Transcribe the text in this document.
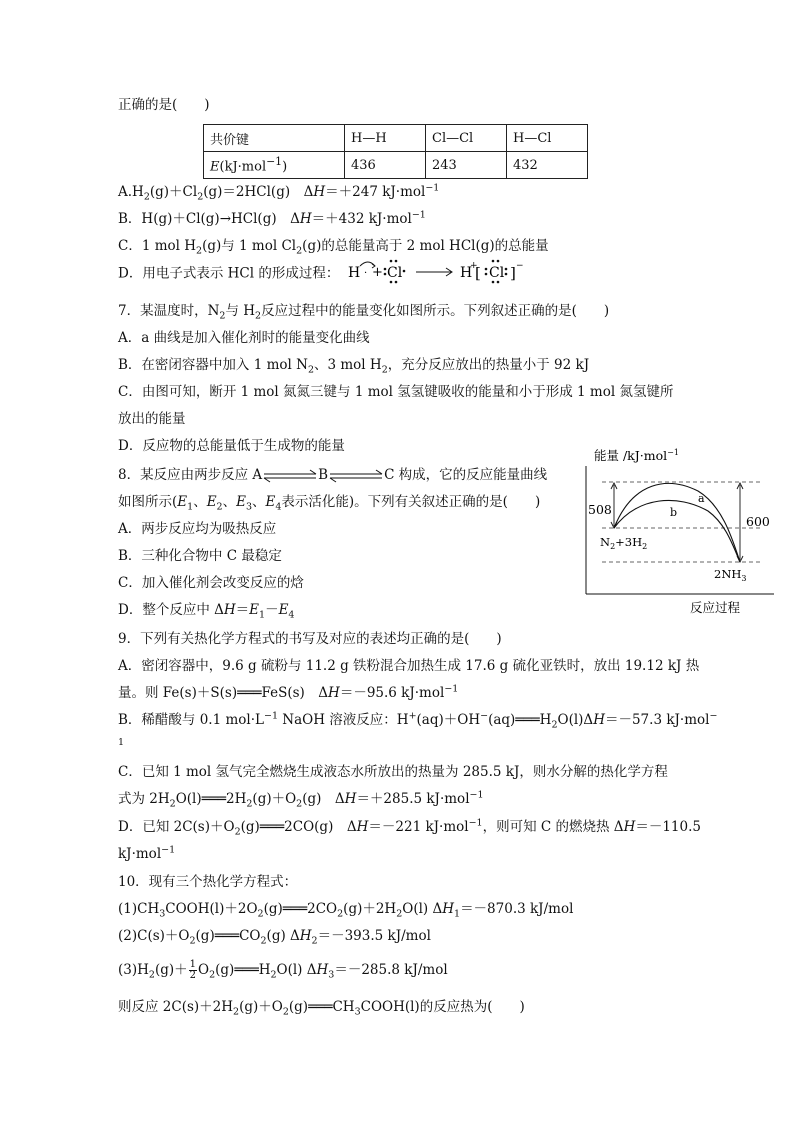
正确的是(　　)
共价键	H—H	Cl—Cl	H—Cl
E(kJ·mol$^{-1}$)	436	243	432
$A.H_2(g)+Cl_2(g)=2HCl(g)$　ΔH＝＋247 kJ·mol$^{-1}$
B．H(g)＋Cl(g)→HCl(g)　ΔH＝＋432 kJ·mol$^{-1}$
C．1 mol $H_2(g)$与 1 mol $Cl_2(g)$的总能量高于 2 mol HCl(g)的总能量
D．用电子式表示 HCl 的形成过程： H · + Cl	H
+
[ Cl ] −
7．某温度时，$N_2$与 $H_2$反应过程中的能量变化如图所示。下列叙述正确的是(　　)
A．a 曲线是加入催化剂时的能量变化曲线
B．在密闭容器中加入 1 mol $N_2$、3 mol $H_2$，充分反应放出的热量小于 92 kJ
C．由图可知，断开 1 mol 氮氮三键与 1 mol 氢氢键吸收的能量和小于形成 1 mol 氮氢键所
放出的能量
D．反应物的总能量低于生成物的能量
8．某反应由两步反应 A	B	C 构成，它的反应能量曲线
如图所示($E_1$、$E_2$、$E_3$、$E_4$表示活化能)。下列有关叙述正确的是(　　)
A．两步反应均为吸热反应
B．三种化合物中 C 最稳定
C．加入催化剂会改变反应的焓
D．整个反应中 $\Delta H=E_1-E_4$
能量 /kJ·mol$^{-1}$
508
600
a
b
$N_2+3H_2$
$2NH_3$
反应过程
9．下列有关热化学方程式的书写及对应的表述均正确的是(　　)
A．密闭容器中，9.6 g 硫粉与 11.2 g 铁粉混合加热生成 17.6 g 硫化亚铁时，放出 19.12 kJ 热
量。则 Fe(s)＋S(s)═══FeS(s)　ΔH＝－95.6 kJ·mol$^{-1}$
B．稀醋酸与 0.1 $mol\cdot L^{-1}$ NaOH 溶液反应：$H^+(aq)+OH^-(aq)═══H_2O(l)\Delta H=-57.3$ kJ·mol−
1
C．已知 1 mol 氢气完全燃烧生成液态水所放出的热量为 285.5 kJ，则水分解的热化学方程
式为 $2H_2O(l)═══2H_2(g)+O_2(g)$　ΔH＝＋285.5 kJ·mol$^{-1}$
D．已知 $2C(s)+O_2(g)═══2CO(g)$　ΔH＝－221 kJ·mol$^{-1}$，则可知 C 的燃烧热 ΔH＝－110.5
kJ·mol$^{-1}$
10．现有三个热化学方程式：
$(1)CH_3COOH(l)+2O_2(g)═══2CO_2(g)+2H_2O(l)$ $\Delta H_1=-870.3$ kJ/mol
$(2)C(s)+O_2(g)═══CO_2(g)$ $\Delta H_2=-393.5$ kJ/mol
$(3)H_2(g)+ \frac{1}{2}$ $O_2(g)═══H_2O(l)$ $\Delta H_3=-285.8$ kJ/mol
则反应 $2C(s)+2H_2(g)+O_2(g)═══CH_3COOH(l)$的反应热为(　　)
